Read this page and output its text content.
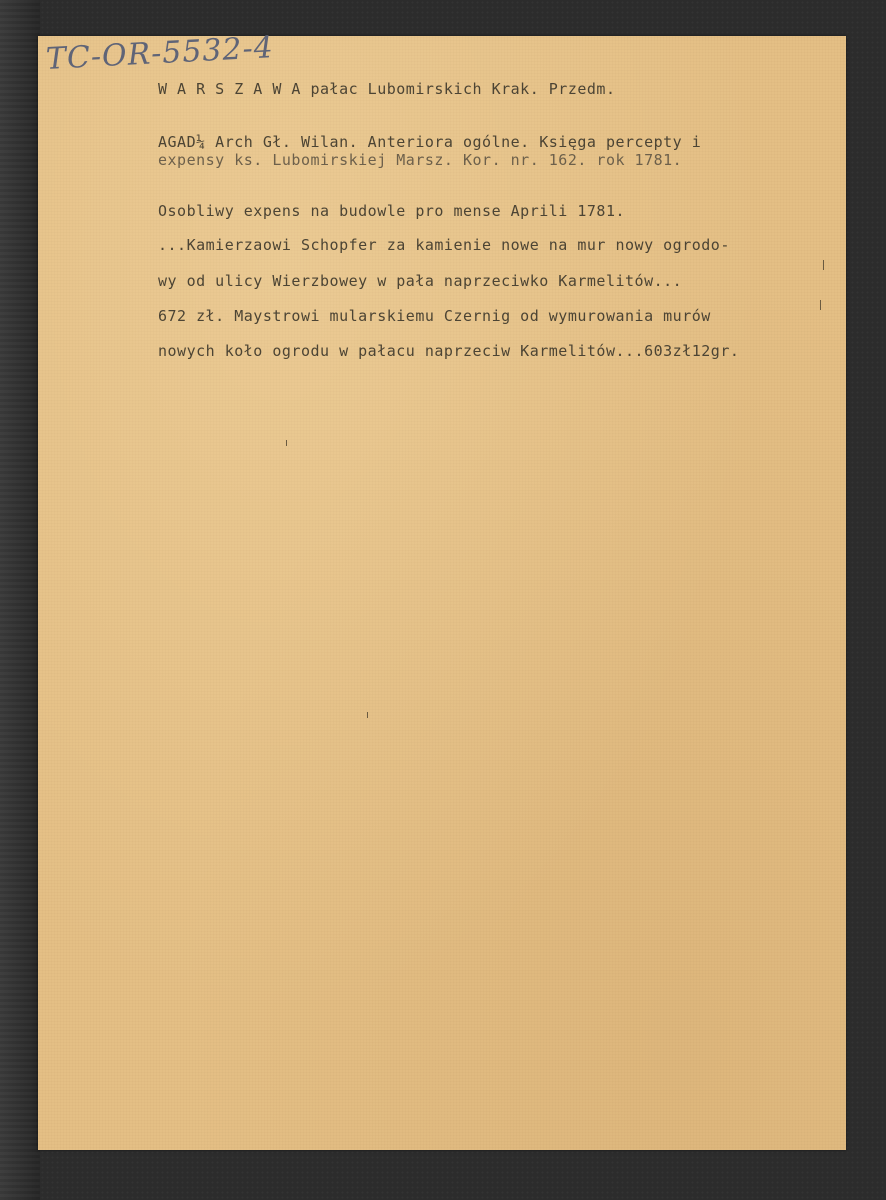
TC-OR-5532-4
W A R S Z A W A pałac Lubomirskich Krak. Przedm.
AGAD¼ Arch Gł. Wilan. Anteriora ogólne. Księga percepty i
expensy ks. Lubomirskiej Marsz. Kor. nr. 162. rok 1781.
Osobliwy expens na budowle pro mense Aprili 1781.
...Kamierzaowi Schopfer za kamienie nowe na mur nowy ogrodo-
wy od ulicy Wierzbowey w pała naprzeciwko Karmelitów...
672 zł. Maystrowi mularskiemu Czernig od wymurowania murów
nowych koło ogrodu w pałacu naprzeciw Karmelitów...603zł12gr.
